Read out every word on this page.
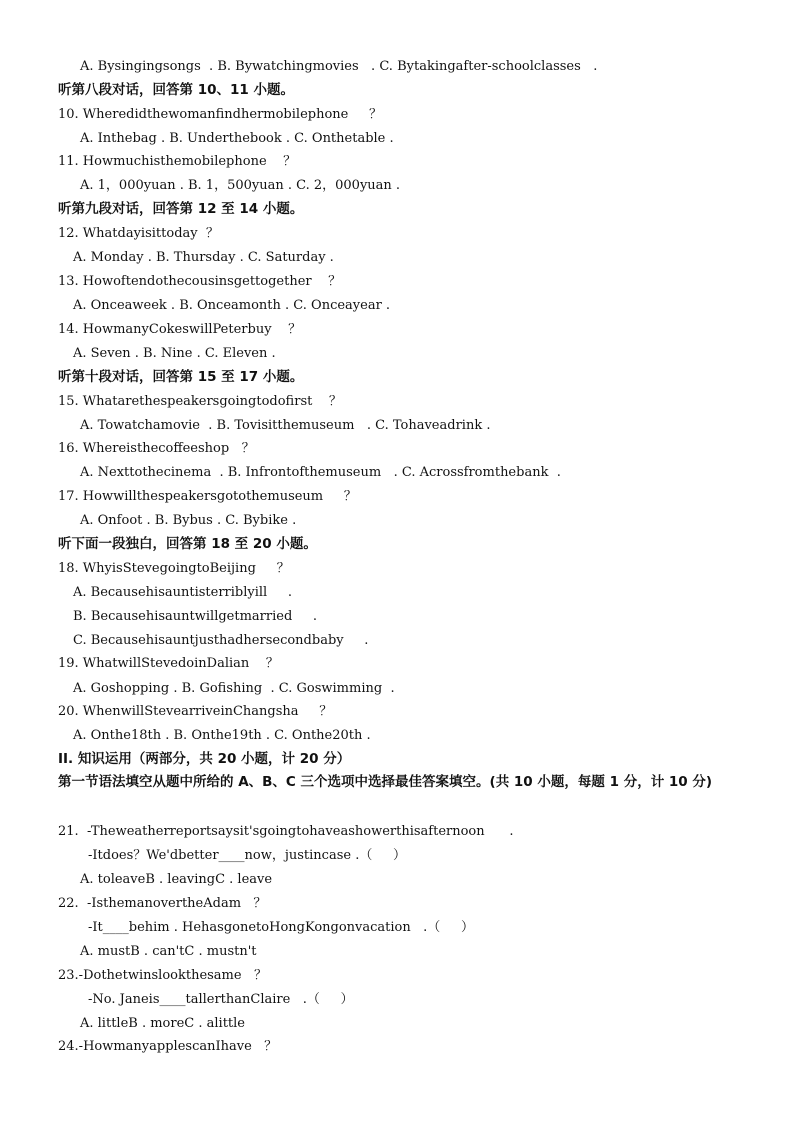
A. Bysingingsongs  . B. Bywatchingmovies   . C. Bytakingafter-schoolclasses   .
听第八段对话，回答第 10、11 小题。
10. Wheredidthewomanfindhermobilephone     ？
A. Inthebag . B. Underthebook . C. Onthetable .
11. Howmuchisthemobilephone    ？
A. 1，000yuan . B. 1，500yuan . C. 2，000yuan .
听第九段对话，回答第 12 至 14 小题。
12. Whatdayisittoday  ？
A. Monday . B. Thursday . C. Saturday .
13. Howoftendothecousinsgettogether    ？
A. Onceaweek . B. Onceamonth . C. Onceayear .
14. HowmanyCokeswillPeterbuy    ？
A. Seven . B. Nine . C. Eleven .
听第十段对话，回答第 15 至 17 小题。
15. Whatarethespeakersgoingtodofirst    ？
A. Towatchamovie  . B. Tovisitthemuseum   . C. Tohaveadrink .
16. Whereisthecoffeeshop   ？
A. Nexttothecinema  . B. Infrontofthemuseum   . C. Acrossfromthebank  .
17. Howwillthespeakersgotothemuseum     ？
A. Onfoot . B. Bybus . C. Bybike .
听下面一段独白，回答第 18 至 20 小题。
18. WhyisStevegoingtoBeijing     ？
A. Becausehisauntisterriblyill     .
B. Becausehisauntwillgetmarried     .
C. Becausehisauntjusthadhersecondbaby     .
19. WhatwillStevedoinDalian    ？
A. Goshopping . B. Gofishing  . C. Goswimming  .
20. WhenwillStevearriveinChangsha     ？
A. Onthe18th . B. Onthe19th . C. Onthe20th .
II. 知识运用（两部分，共 20 小题，计 20 分）
第一节语法填空从题中所给的 A、B、C 三个选项中选择最佳答案填空。(共 10 小题，每题 1 分，计 10 分)
21.  -Theweatherreportsaysit'sgoingtohaveashowerthisafternoon      .
-Itdoes？We'dbetter____now，justincase .（     ）
A. toleaveB . leavingC . leave
22.  -IsthemanovertheAdam   ？
-It____behim . HehasgonetoHongKongonvacation   .（     ）
A. mustB . can'tC . mustn't
23.-Dothetwinslookthesame   ？
-No. Janeis____tallerthanClaire   .（     ）
A. littleB . moreC . alittle
24.-HowmanyapplescanIhave   ？
